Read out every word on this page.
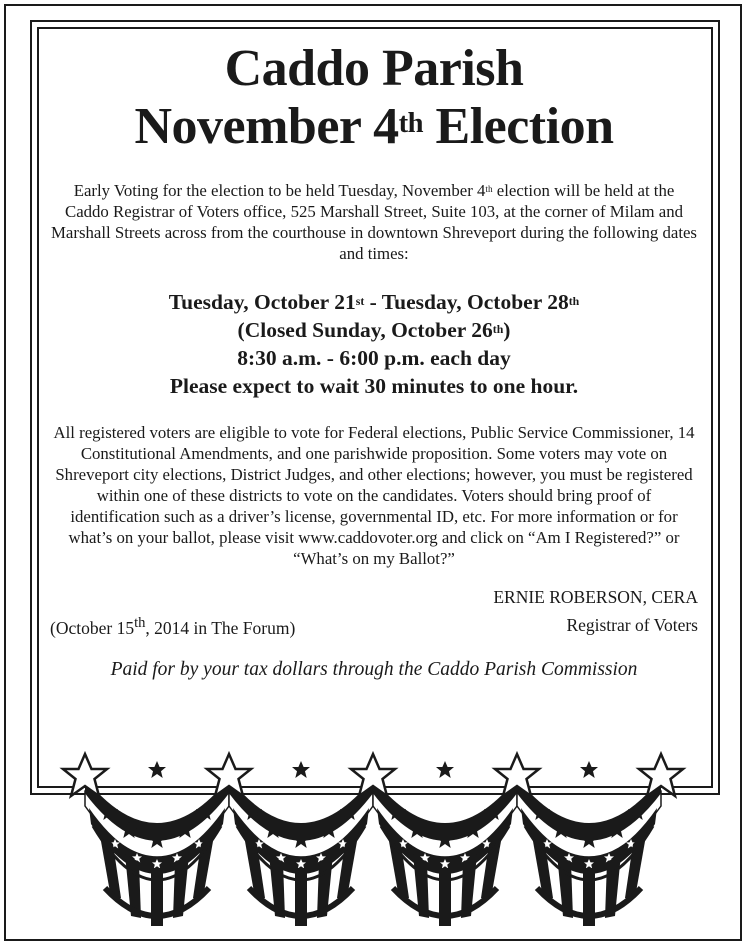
Caddo Parish
November 4th Election

Early Voting for the election to be held Tuesday, November 4th election will be held at the Caddo Registrar of Voters office, 525 Marshall Street, Suite 103, at the corner of Milam and Marshall Streets across from the courthouse in downtown Shreveport during the following dates and times:

Tuesday, October 21st - Tuesday, October 28th
(Closed Sunday, October 26th)
8:30 a.m. - 6:00 p.m. each day
Please expect to wait 30 minutes to one hour.

All registered voters are eligible to vote for Federal elections, Public Service Commissioner, 14 Constitutional Amendments, and one parishwide proposition. Some voters may vote on Shreveport city elections, District Judges, and other elections; however, you must be registered within one of these districts to vote on the candidates. Voters should bring proof of identification such as a driver’s license, governmental ID, etc. For more information or for what’s on your ballot, please visit www.caddovoter.org and click on “Am I Registered?” or “What’s on my Ballot?”

ERNIE ROBERSON, CERA
(October 15th, 2014 in The Forum)	Registrar of Voters
Paid for by your tax dollars through the Caddo Parish Commission
